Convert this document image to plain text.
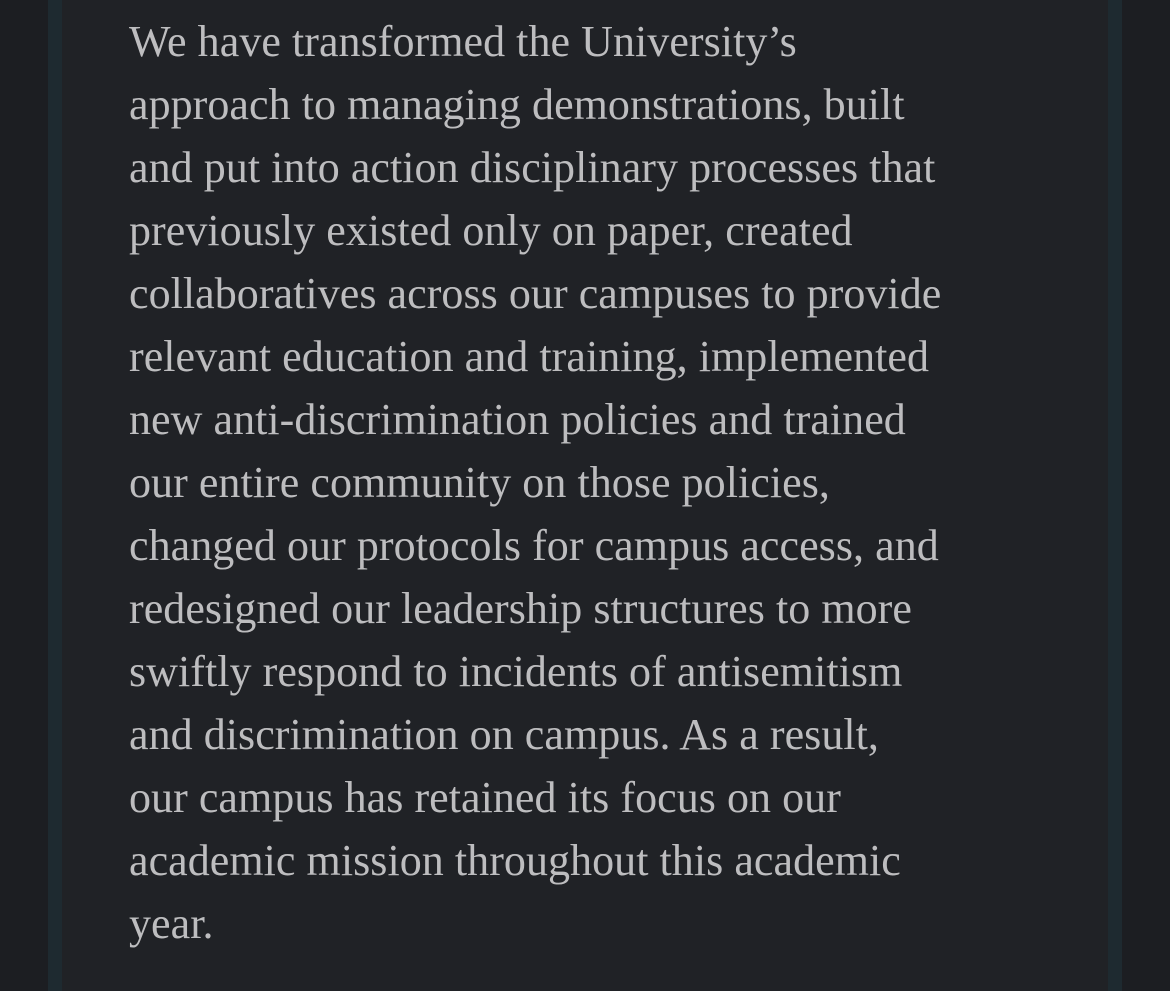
We have transformed the University’s
approach to managing demonstrations, built
and put into action disciplinary processes that
previously existed only on paper, created
collaboratives across our campuses to provide
relevant education and training, implemented
new anti-discrimination policies and trained
our entire community on those policies,
changed our protocols for campus access, and
redesigned our leadership structures to more
swiftly respond to incidents of antisemitism
and discrimination on campus. As a result,
our campus has retained its focus on our
academic mission throughout this academic
year.
